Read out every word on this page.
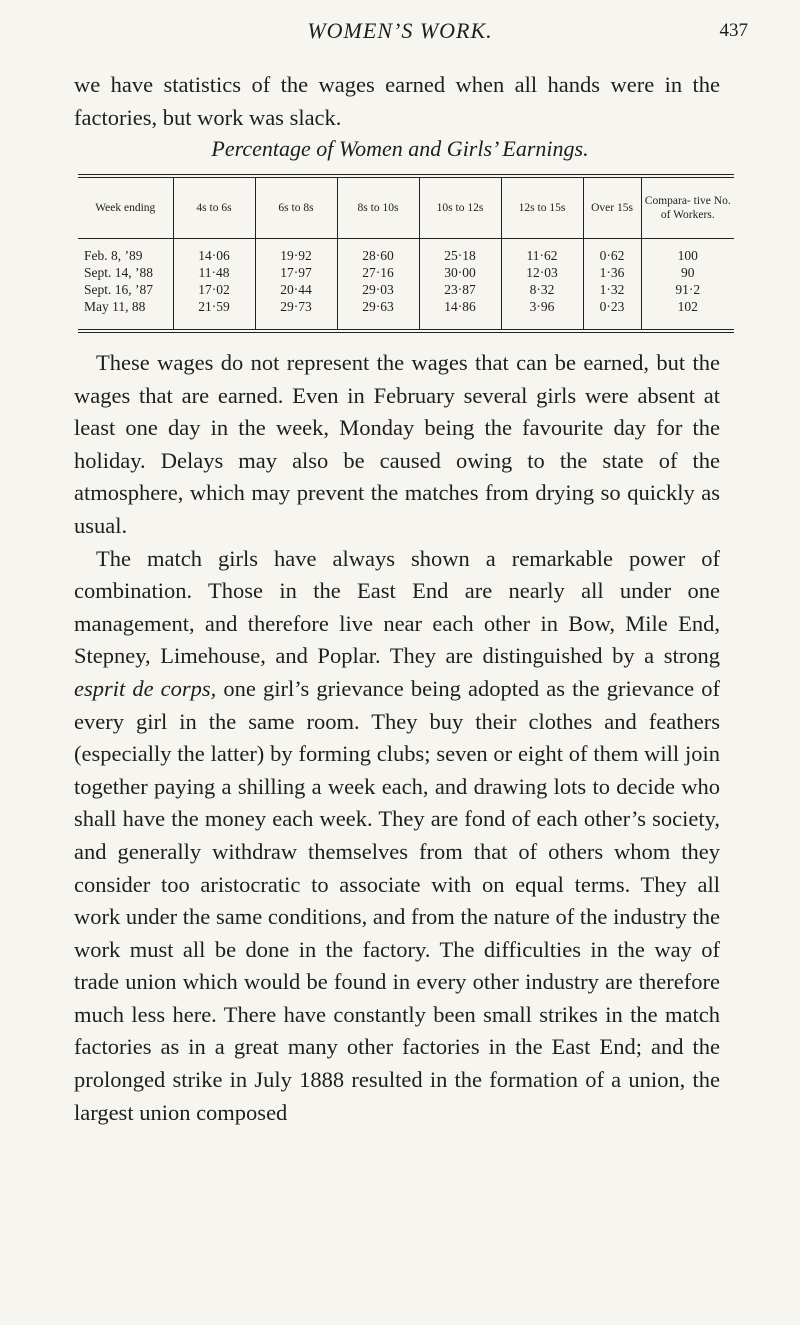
WOMEN’S WORK.	437
we have statistics of the wages earned when all hands were in the factories, but work was slack.
Percentage of Women and Girls’ Earnings.
Week ending	4s to 6s	6s to 8s	8s to 10s	10s to 12s	12s to 15s	Over 15s	Compara- tive No. of Workers.
Feb. 8, ’89	14·06	19·92	28·60	25·18	11·62	0·62	100
Sept. 14, ’88	11·48	17·97	27·16	30·00	12·03	1·36	90
Sept. 16, ’87	17·02	20·44	29·03	23·87	8·32	1·32	91·2
May 11, 88	21·59	29·73	29·63	14·86	3·96	0·23	102

These wages do not represent the wages that can be earned, but the wages that are earned. Even in February several girls were absent at least one day in the week, Monday being the favourite day for the holiday. Delays may also be caused owing to the state of the atmosphere, which may prevent the matches from drying so quickly as usual.

The match girls have always shown a remarkable power of combination. Those in the East End are nearly all under one management, and therefore live near each other in Bow, Mile End, Stepney, Limehouse, and Poplar. They are distinguished by a strong esprit de corps, one girl’s grievance being adopted as the grievance of every girl in the same room. They buy their clothes and feathers (especially the latter) by forming clubs; seven or eight of them will join together paying a shilling a week each, and drawing lots to decide who shall have the money each week. They are fond of each other’s society, and generally withdraw themselves from that of others whom they consider too aristocratic to associate with on equal terms. They all work under the same conditions, and from the nature of the industry the work must all be done in the factory. The difficulties in the way of trade union which would be found in every other industry are therefore much less here. There have constantly been small strikes in the match factories as in a great many other factories in the East End; and the prolonged strike in July 1888 resulted in the formation of a union, the largest union composed
